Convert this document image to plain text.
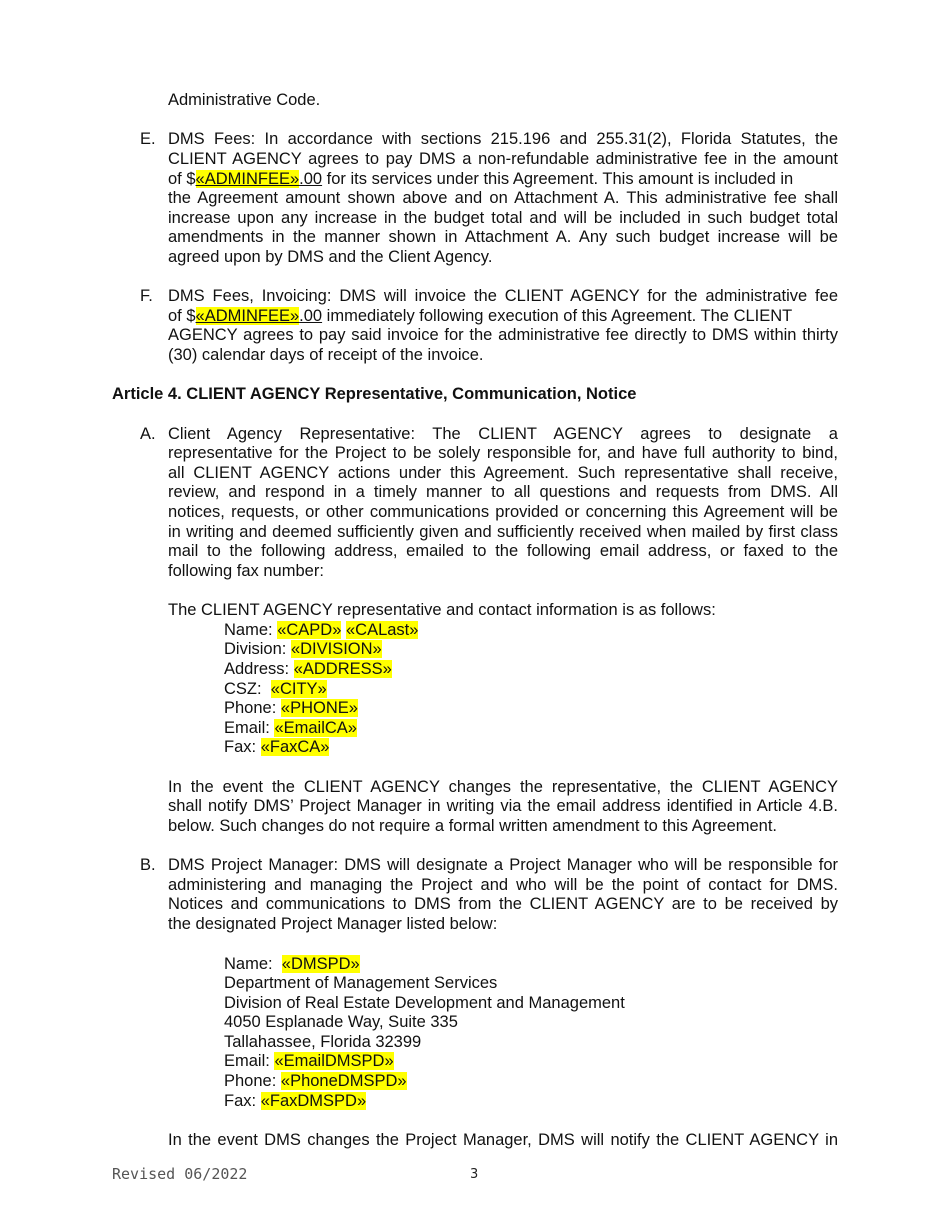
Administrative Code.
E. DMS Fees: In accordance with sections 215.196 and 255.31(2), Florida Statutes, the
CLIENT AGENCY agrees to pay DMS a non-refundable administrative fee in the amount
of $«ADMINFEE».00 for its services under this Agreement. This amount is included in
the Agreement amount shown above and on Attachment A. This administrative fee shall
increase upon any increase in the budget total and will be included in such budget total
amendments in the manner shown in Attachment A. Any such budget increase will be
agreed upon by DMS and the Client Agency.
F. DMS Fees, Invoicing: DMS will invoice the CLIENT AGENCY for the administrative fee
of $«ADMINFEE».00 immediately following execution of this Agreement. The CLIENT
AGENCY agrees to pay said invoice for the administrative fee directly to DMS within thirty
(30) calendar days of receipt of the invoice.
Article 4. CLIENT AGENCY Representative, Communication, Notice
A. Client Agency Representative: The CLIENT AGENCY agrees to designate a
representative for the Project to be solely responsible for, and have full authority to bind,
all CLIENT AGENCY actions under this Agreement. Such representative shall receive,
review, and respond in a timely manner to all questions and requests from DMS. All
notices, requests, or other communications provided or concerning this Agreement will be
in writing and deemed sufficiently given and sufficiently received when mailed by first class
mail to the following address, emailed to the following email address, or faxed to the
following fax number:
The CLIENT AGENCY representative and contact information is as follows:
Name: «CAPD» «CALast»
Division: «DIVISION»
Address: «ADDRESS»
CSZ:  «CITY»
Phone: «PHONE»
Email: «EmailCA»
Fax: «FaxCA»
In the event the CLIENT AGENCY changes the representative, the CLIENT AGENCY
shall notify DMS’ Project Manager in writing via the email address identified in Article 4.B.
below. Such changes do not require a formal written amendment to this Agreement.
B. DMS Project Manager: DMS will designate a Project Manager who will be responsible for
administering and managing the Project and who will be the point of contact for DMS.
Notices and communications to DMS from the CLIENT AGENCY are to be received by
the designated Project Manager listed below:
Name:  «DMSPD»
Department of Management Services
Division of Real Estate Development and Management
4050 Esplanade Way, Suite 335
Tallahassee, Florida 32399
Email: «EmailDMSPD»
Phone: «PhoneDMSPD»
Fax: «FaxDMSPD»
In the event DMS changes the Project Manager, DMS will notify the CLIENT AGENCY in
Revised 06/2022	3
